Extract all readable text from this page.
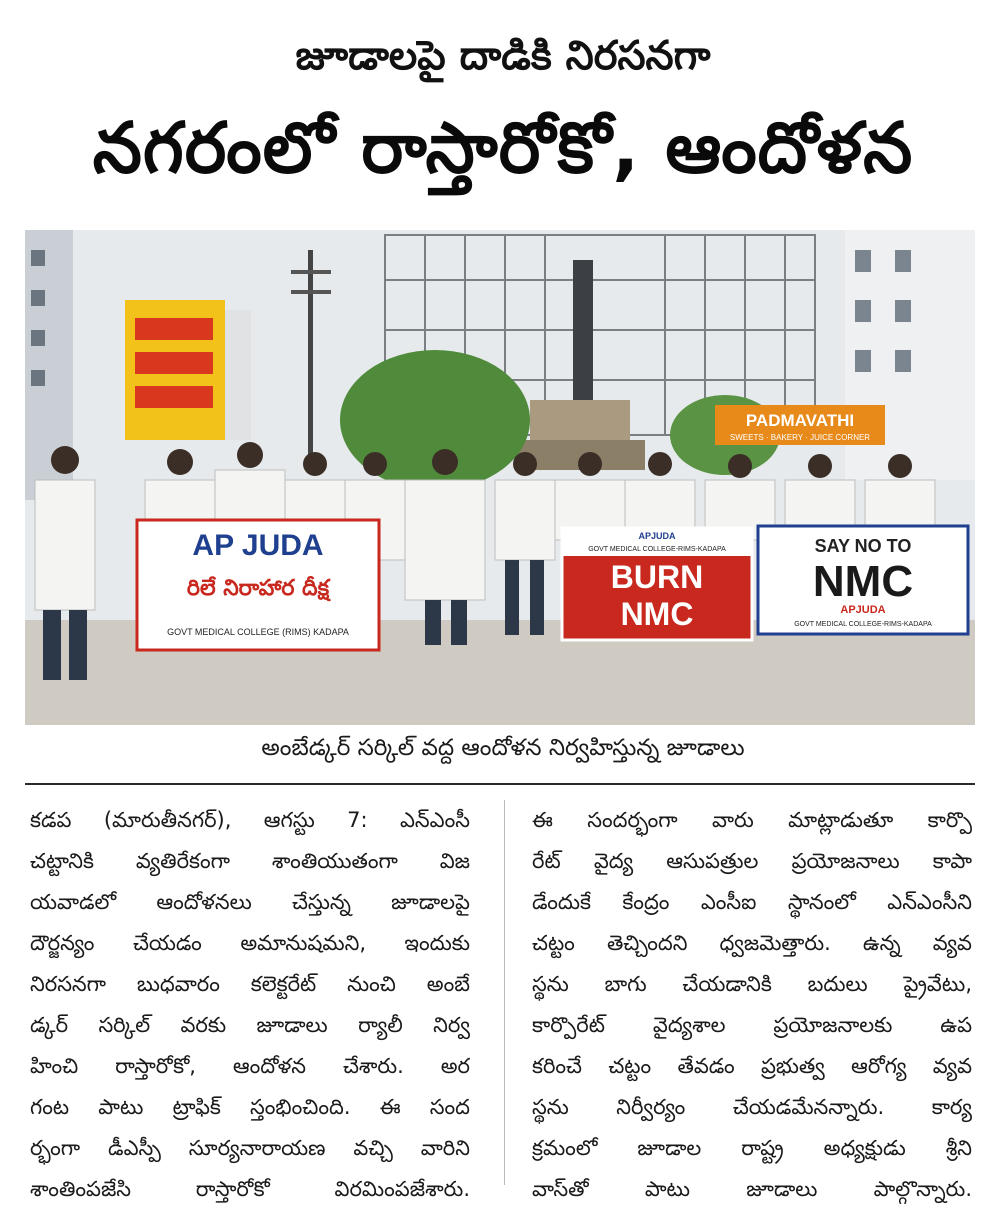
జూడాలపై దాడికి నిరసనగా
నగరంలో రాస్తారోకో, ఆందోళన
PADMAVATHI
SWEETS · BAKERY · JUICE CORNER
AP JUDA
రిలే నిరాహార దీక్ష
GOVT MEDICAL COLLEGE (RIMS) KADAPA
APJUDA
GOVT MEDICAL COLLEGE-RIMS-KADAPA
BURN
NMC
SAY NO TO
NMC
APJUDA
GOVT MEDICAL COLLEGE-RIMS-KADAPA
అంబేడ్కర్ సర్కిల్ వద్ద ఆందోళన నిర్వహిస్తున్న జూడాలు
కడప (మారుతీనగర్), ఆగస్టు 7: ఎన్ఎంసీ
చట్టానికి వ్యతిరేకంగా శాంతియుతంగా విజ
యవాడలో ఆందోళనలు చేస్తున్న జూడాలపై
దౌర్జన్యం చేయడం అమానుషమని, ఇందుకు
నిరసనగా బుధవారం కలెక్టరేట్ నుంచి అంబే
డ్కర్ సర్కిల్ వరకు జూడాలు ర్యాలీ నిర్వ
హించి రాస్తారోకో, ఆందోళన చేశారు. అర
గంట పాటు ట్రాఫిక్ స్తంభించింది. ఈ సంద
ర్భంగా డీఎస్పీ సూర్యనారాయణ వచ్చి వారిని
శాంతింపజేసి రాస్తారోకో విరమింపజేశారు.
ఈ సందర్భంగా వారు మాట్లాడుతూ కార్పొ
రేట్ వైద్య ఆసుపత్రుల ప్రయోజనాలు కాపా
డేందుకే కేంద్రం ఎంసీఐ స్థానంలో ఎన్ఎంసీని
చట్టం తెచ్చిందని ధ్వజమెత్తారు. ఉన్న వ్యవ
స్థను బాగు చేయడానికి బదులు ప్రైవేటు,
కార్పొరేట్ వైద్యశాల ప్రయోజనాలకు ఉప
కరించే చట్టం తేవడం ప్రభుత్వ ఆరోగ్య వ్యవ
స్థను నిర్వీర్యం చేయడమేనన్నారు. కార్య
క్రమంలో జూడాల రాష్ట్ర అధ్యక్షుడు శ్రీని
వాస్‌తో పాటు జూడాలు పాల్గొన్నారు.
